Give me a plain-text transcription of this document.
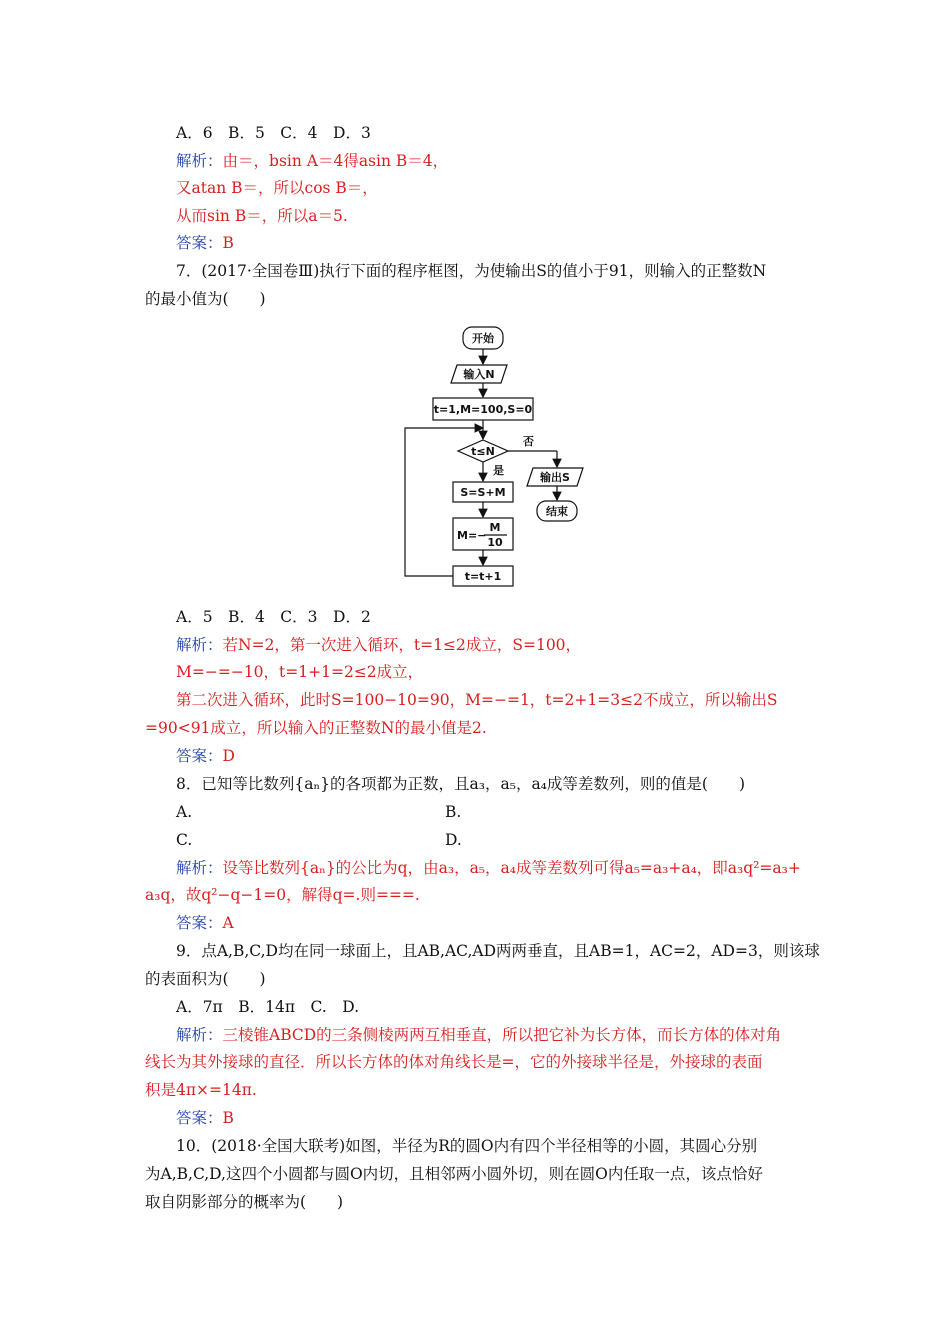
A．6　B．5　C．4　D．3
解析：由＝，bsin A＝4得asin B＝4，
又atan B＝，所以cos B＝，
从而sin B＝，所以a＝5.
答案：B
7．(2017·全国卷Ⅲ)执行下面的程序框图，为使输出S的值小于91，则输入的正整数N
的最小值为(　　)
开始
输入N
t=1,M=100,S=0
t≤N
是
否
输出S
结束
S=S+M
M=−
M
10
t=t+1
A．5　B．4　C．3　D．2
解析：若N=2，第一次进入循环，t=1≤2成立，S=100，
M=−=−10，t=1+1=2≤2成立，
第二次进入循环，此时S=100−10=90，M=−=1，t=2+1=3≤2不成立，所以输出S
=90<91成立，所以输入的正整数N的最小值是2.
答案：D
8．已知等比数列{aₙ}的各项都为正数，且a₃，a₅，a₄成等差数列，则的值是(　　)
A.	B.
C.	D.
解析：设等比数列{aₙ}的公比为q，由a₃，a₅，a₄成等差数列可得a₅=a₃+a₄，即a₃q²=a₃+
a₃q，故q²−q−1=0，解得q=.则===.
答案：A
9．点A,B,C,D均在同一球面上，且AB,AC,AD两两垂直，且AB=1，AC=2，AD=3，则该球
的表面积为(　　)
A．7π　B．14π　C.　D.
解析：三棱锥ABCD的三条侧棱两两互相垂直，所以把它补为长方体，而长方体的体对角
线长为其外接球的直径．所以长方体的体对角线长是=，它的外接球半径是，外接球的表面
积是4π×=14π.
答案：B
10．(2018·全国大联考)如图，半径为R的圆O内有四个半径相等的小圆，其圆心分别
为A,B,C,D,这四个小圆都与圆O内切，且相邻两小圆外切，则在圆O内任取一点，该点恰好
取自阴影部分的概率为(　　)
